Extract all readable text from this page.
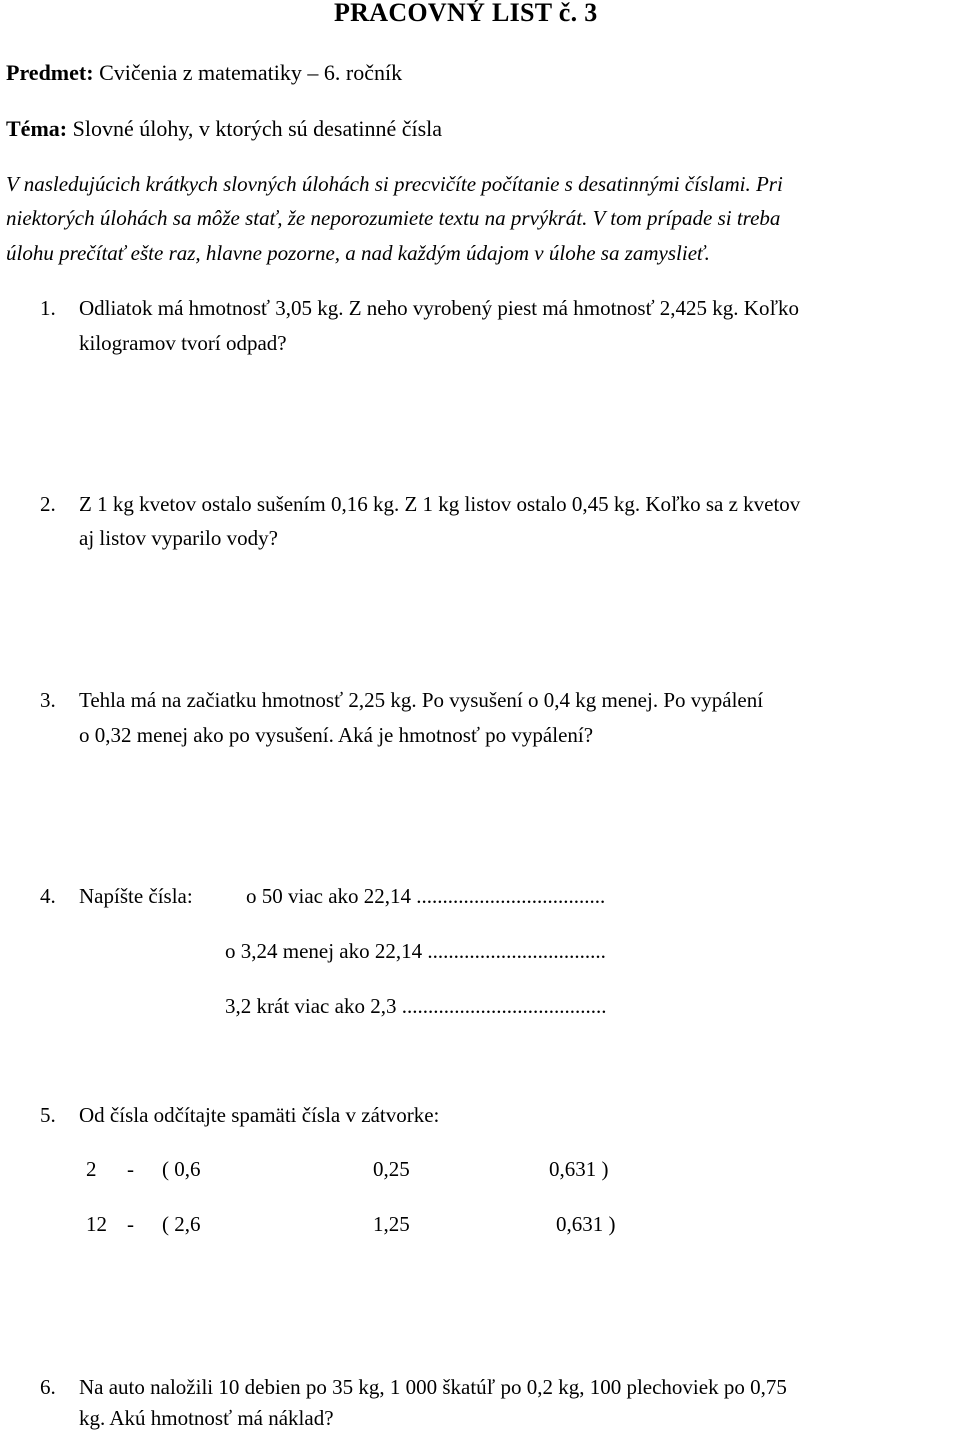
PRACOVNÝ LIST č. 3
Predmet: Cvičenia z matematiky – 6. ročník
Téma: Slovné úlohy, v ktorých sú desatinné čísla
V nasledujúcich krátkych slovných úlohách si precvičíte počítanie s desatinnými číslami. Pri
niektorých úlohách sa môže stať, že neporozumiete textu na prvýkrát. V tom prípade si treba
úlohu prečítať ešte raz, hlavne pozorne, a nad každým údajom v úlohe sa zamyslieť.
1. Odliatok má hmotnosť 3,05 kg. Z neho vyrobený piest má hmotnosť 2,425 kg. Koľko
kilogramov tvorí odpad?
2. Z 1 kg kvetov ostalo sušením 0,16 kg. Z 1 kg listov ostalo 0,45 kg. Koľko sa z kvetov
aj listov vyparilo vody?
3. Tehla má na začiatku hmotnosť 2,25 kg. Po vysušení o 0,4 kg menej. Po vypálení
o 0,32 menej ako po vysušení. Aká je hmotnosť po vypálení?
4. Napíšte čísla:	o 50 viac ako 22,14 ....................................
o 3,24 menej ako 22,14 ..................................
3,2 krát viac ako 2,3 .......................................
5. Od čísla odčítajte spamäti čísla v zátvorke:
2 - ( 0,6	0,25	0,631 )
12 - ( 2,6	1,25	0,631 )
6. Na auto naložili 10 debien po 35 kg, 1 000 škatúľ po 0,2 kg, 100 plechoviek po 0,75
kg. Akú hmotnosť má náklad?
